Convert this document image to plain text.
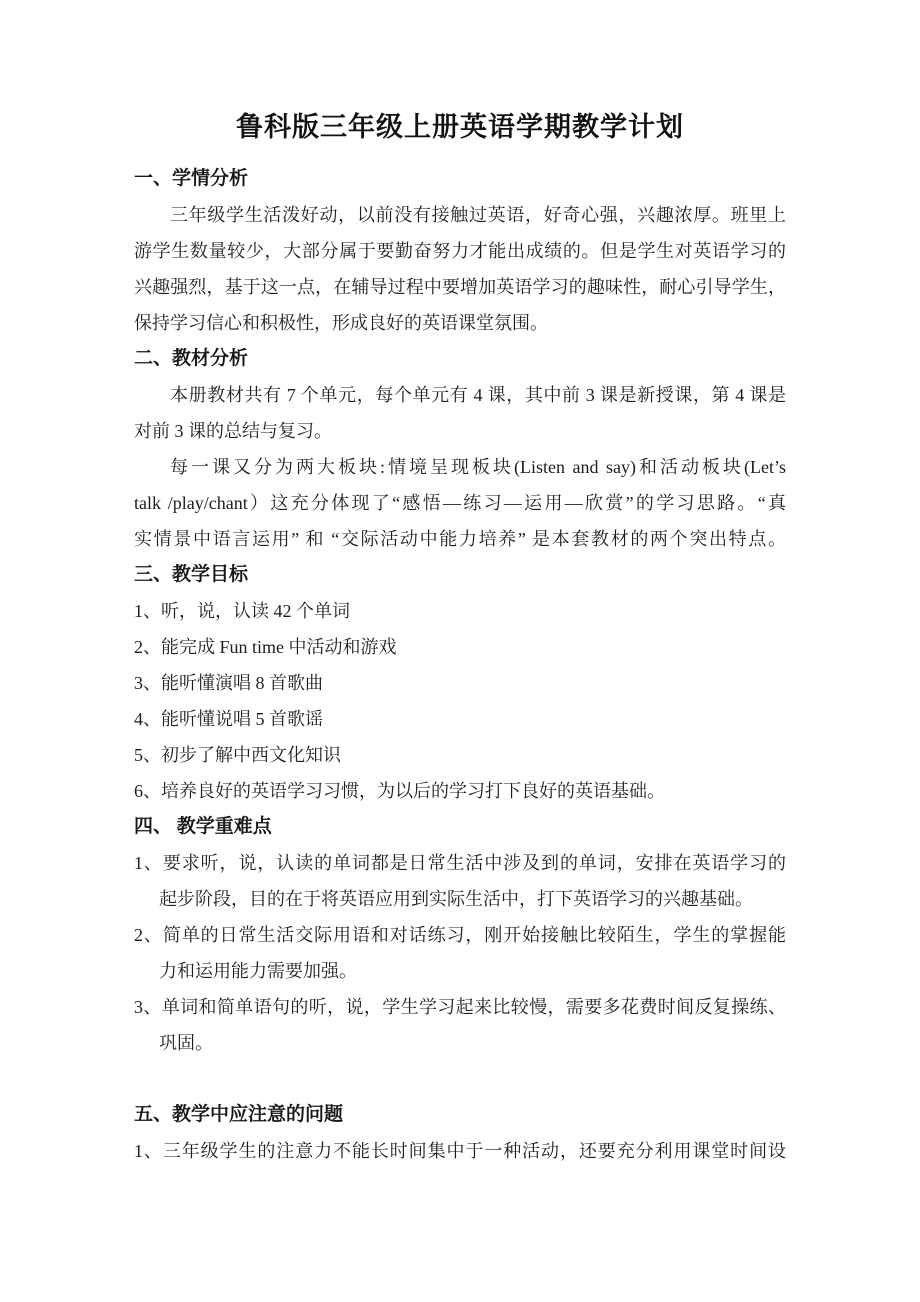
鲁科版三年级上册英语学期教学计划
一、学情分析
三年级学生活泼好动，以前没有接触过英语，好奇心强，兴趣浓厚。班里上
游学生数量较少，大部分属于要勤奋努力才能出成绩的。但是学生对英语学习的
兴趣强烈，基于这一点，在辅导过程中要增加英语学习的趣味性，耐心引导学生，
保持学习信心和积极性，形成良好的英语课堂氛围。
二、教材分析
本册教材共有 7 个单元，每个单元有 4 课，其中前 3 课是新授课，第 4 课是
对前 3 课的总结与复习。
每一课又分为两大板块:情境呈现板块(Listen and say)和活动板块(Let’s
talk /play/chant）这充分体现了“感悟—练习—运用—欣赏”的学习思路。“真
实情景中语言运用” 和 “交际活动中能力培养” 是本套教材的两个突出特点。
三、教学目标
1、听，说，认读 42 个单词
2、能完成 Fun time 中活动和游戏
3、能听懂演唱 8 首歌曲
4、能听懂说唱 5 首歌谣
5、初步了解中西文化知识
6、培养良好的英语学习习惯，为以后的学习打下良好的英语基础。
四、 教学重难点
1、要求听，说，认读的单词都是日常生活中涉及到的单词，安排在英语学习的
起步阶段，目的在于将英语应用到实际生活中，打下英语学习的兴趣基础。
2、简单的日常生活交际用语和对话练习，刚开始接触比较陌生，学生的掌握能
力和运用能力需要加强。
3、单词和简单语句的听，说，学生学习起来比较慢，需要多花费时间反复操练、
巩固。
五、教学中应注意的问题
1、三年级学生的注意力不能长时间集中于一种活动，还要充分利用课堂时间设
